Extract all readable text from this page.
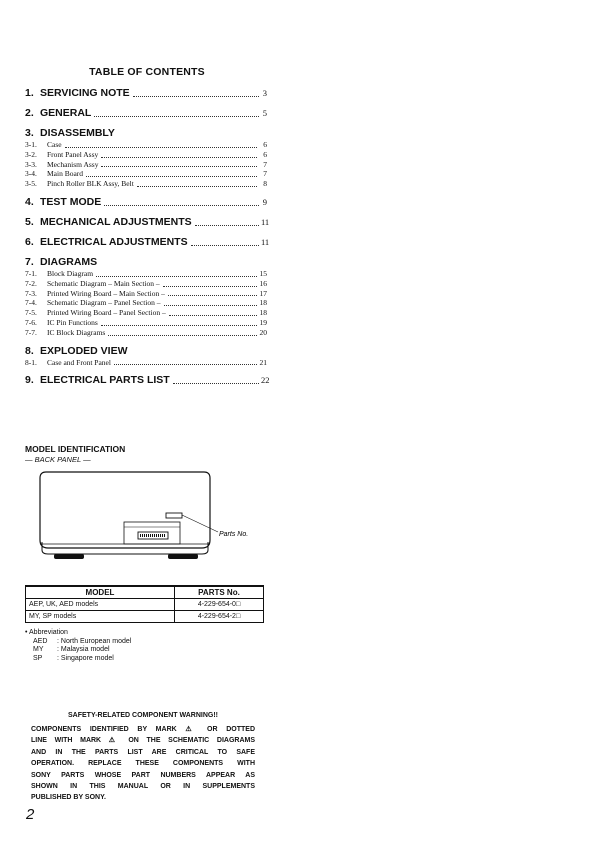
TABLE OF CONTENTS
1. SERVICING NOTE	3
2. GENERAL	5
3. DISASSEMBLY
3-1.	Case	6
3-2.	Front Panel Assy	6
3-3.	Mechanism Assy	7
3-4.	Main Board	7
3-5.	Pinch Roller BLK Assy, Belt	8
4. TEST MODE	9
5. MECHANICAL ADJUSTMENTS	11
6. ELECTRICAL ADJUSTMENTS	11
7. DIAGRAMS
7-1.	Block Diagram	15
7-2.	Schematic Diagram – Main Section –	16
7-3.	Printed Wiring Board – Main Section –	17
7-4.	Schematic Diagram – Panel Section –	18
7-5.	Printed Wiring Board – Panel Section –	18
7-6.	IC Pin Functions	19
7-7.	IC Block Diagrams	20
8. EXPLODED VIEW
8-1.	Case and Front Panel	21
9. ELECTRICAL PARTS LIST	22
MODEL IDENTIFICATION
— BACK PANEL —
Parts No.
MODEL	PARTS No.
AEP, UK, AED models	4-229-654-0□
MY, SP models	4-229-654-2□
• Abbreviation
AED	: North European model
MY	: Malaysia model
SP	: Singapore model
SAFETY-RELATED COMPONENT WARNING!!
COMPONENTS IDENTIFIED BY MARK ⚠ OR DOTTED
LINE WITH MARK ⚠ ON THE SCHEMATIC DIAGRAMS
AND IN THE PARTS LIST ARE CRITICAL TO SAFE
OPERATION. REPLACE THESE COMPONENTS WITH
SONY PARTS WHOSE PART NUMBERS APPEAR AS
SHOWN IN THIS MANUAL OR IN SUPPLEMENTS
PUBLISHED BY SONY.
2
